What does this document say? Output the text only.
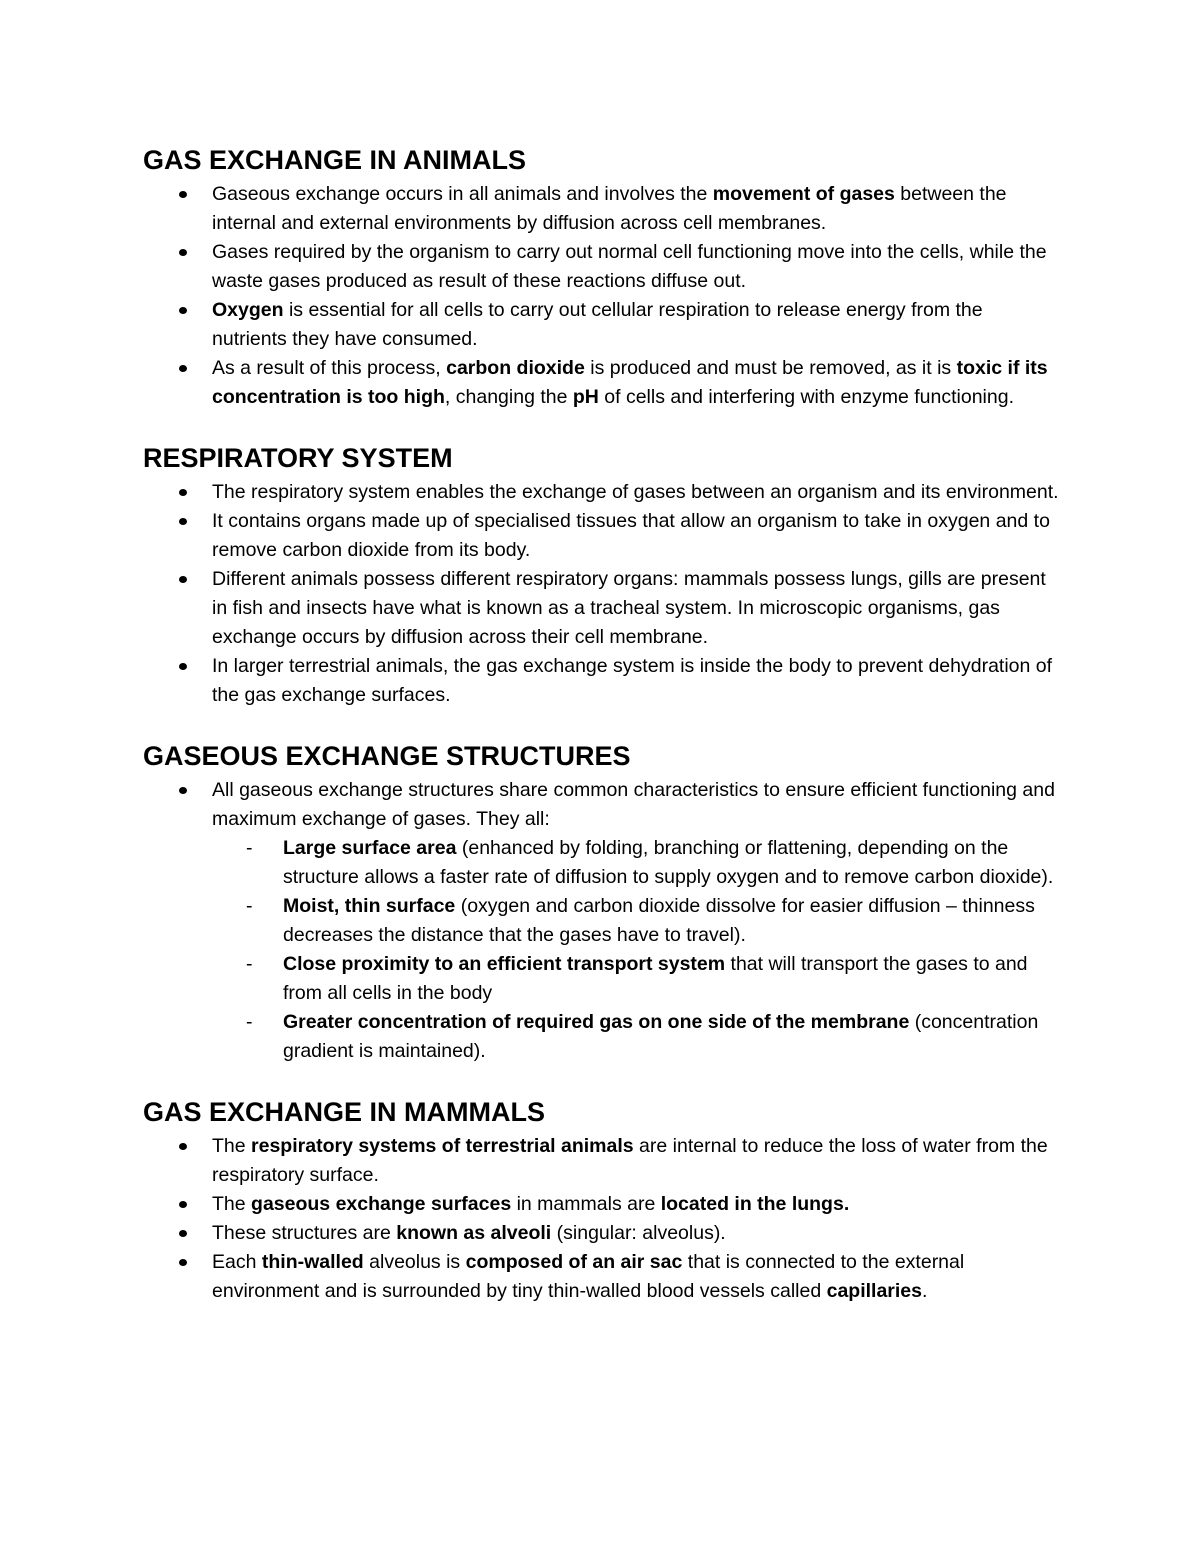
GAS EXCHANGE IN ANIMALS
Gaseous exchange occurs in all animals and involves the movement of gases between the internal and external environments by diffusion across cell membranes.
Gases required by the organism to carry out normal cell functioning move into the cells, while the waste gases produced as result of these reactions diffuse out.
Oxygen is essential for all cells to carry out cellular respiration to release energy from the nutrients they have consumed.
As a result of this process, carbon dioxide is produced and must be removed, as it is toxic if its concentration is too high, changing the pH of cells and interfering with enzyme functioning.
RESPIRATORY SYSTEM
The respiratory system enables the exchange of gases between an organism and its environment.
It contains organs made up of specialised tissues that allow an organism to take in oxygen and to remove carbon dioxide from its body.
Different animals possess different respiratory organs: mammals possess lungs, gills are present in fish and insects have what is known as a tracheal system. In microscopic organisms, gas exchange occurs by diffusion across their cell membrane.
In larger terrestrial animals, the gas exchange system is inside the body to prevent dehydration of the gas exchange surfaces.
GASEOUS EXCHANGE STRUCTURES
All gaseous exchange structures share common characteristics to ensure efficient functioning and maximum exchange of gases. They all:
- Large surface area (enhanced by folding, branching or flattening, depending on the structure allows a faster rate of diffusion to supply oxygen and to remove carbon dioxide).
- Moist, thin surface (oxygen and carbon dioxide dissolve for easier diffusion – thinness decreases the distance that the gases have to travel).
- Close proximity to an efficient transport system that will transport the gases to and from all cells in the body
- Greater concentration of required gas on one side of the membrane (concentration gradient is maintained).
GAS EXCHANGE IN MAMMALS
The respiratory systems of terrestrial animals are internal to reduce the loss of water from the respiratory surface.
The gaseous exchange surfaces in mammals are located in the lungs.
These structures are known as alveoli (singular: alveolus).
Each thin-walled alveolus is composed of an air sac that is connected to the external environment and is surrounded by tiny thin-walled blood vessels called capillaries.
